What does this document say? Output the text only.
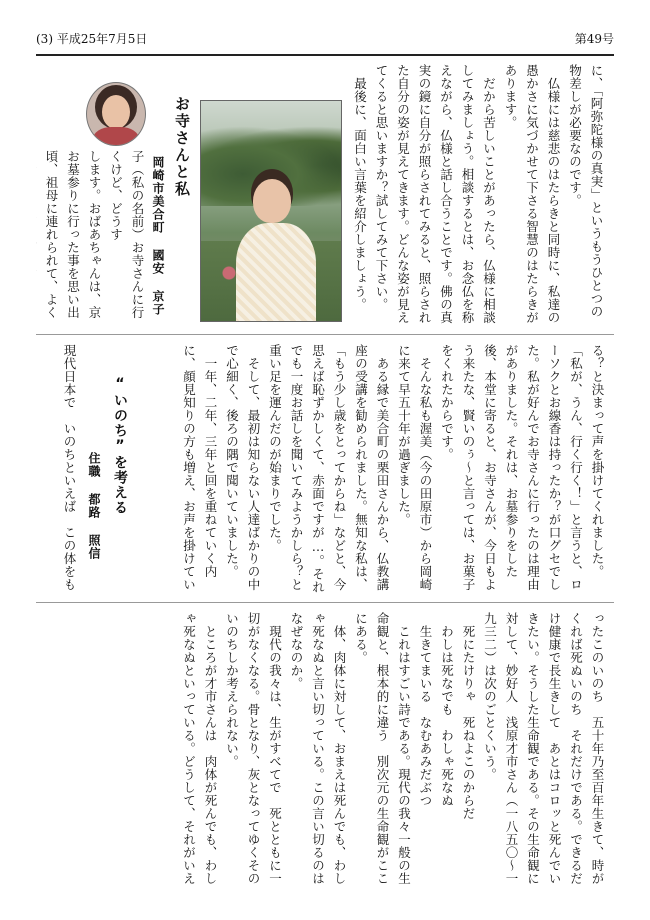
(3) 平成25年7月5日	第49号

に、「阿弥陀様の真実」というもうひとつの物差しが必要なのです。

仏様には慈悲のはたらきと同時に、私達の愚かさに気づかせて下さる智慧のはたらきがあります。

だから苦しいことがあったら、仏様に相談してみましょう。相談するとは、お念仏を称えながら、仏様と話し合うことです。佛の真実の鏡に自分が照らされてみると、照らされた自分の姿が見えてきます。どんな姿が見えてくると思いますか？試してみて下さい。

最後に、面白い言葉を紹介しましょう。

お寺さんと私
岡崎市美合町 國安 京子

子（私の名前）お寺さんに行くけど、どうす

します。おばあちゃんは、京

お墓参りに行った事を思い出

頃、祖母に連れられて、よく

る？と決まって声を掛けてくれました。「私が、うん、行く行く！」と言うと、ローソクとお線香は持ったか？が口グセでした。私が好んでお寺さんに行ったのは理由がありました。それは、お墓参りをした後、本堂に寄ると、お寺さんが、今日もよう来たな、賢いのぅ～と言っては、お菓子をくれたからです。

そんな私も渥美（今の田原市）から岡崎に来て早五十年が過ぎました。

ある縁で美合町の栗田さんから、仏教講座の受講を勧められました。無知な私は、「もう少し歳をとってからね」などと、今思えば恥ずかしくて、赤面ですが…。それでも一度お話しを聞いてみようかしら？と重い足を運んだのが始まりでした。

そして、最初は知らない人達ばかりの中で心細く、後ろの隅で聞いていました。

一年、二年、三年と回を重ねていく内に、顔見知りの方も増え、お声を掛けてい

“いのち”を考える
住職 都路 照信

現代日本で　いのちといえば　この体をも

ったこのいのち　五十年乃至百年生きて、時がくれば死ぬいのち　それだけである。できるだけ健康で長生きして　あとはコロッと死んでいきたい。そうした生命観である。その生命観に対して、妙好人　浅原才市さん（一八五〇～一九三二）は次のごとくいう。

死にたけりゃ　死ねよこのからだ

わしは死なでも　わしゃ死なぬ

生きてまいる　なむあみだぶつ

これはすごい詩である。現代の我々一般の生命観と、根本的に違う　別次元の生命観がここにある。

体、肉体に対して、おまえは死んでも、わしゃ死なぬと言い切っている。この言い切るのはなぜなのか。

現代の我々は、生がすべてで　死とともに一切がなくなる。骨となり、灰となってゆくそのいのちしか考えられない。

ところが才市さんは　肉体が死んでも、わしゃ死なぬといっている。どうして、それがいえ　
